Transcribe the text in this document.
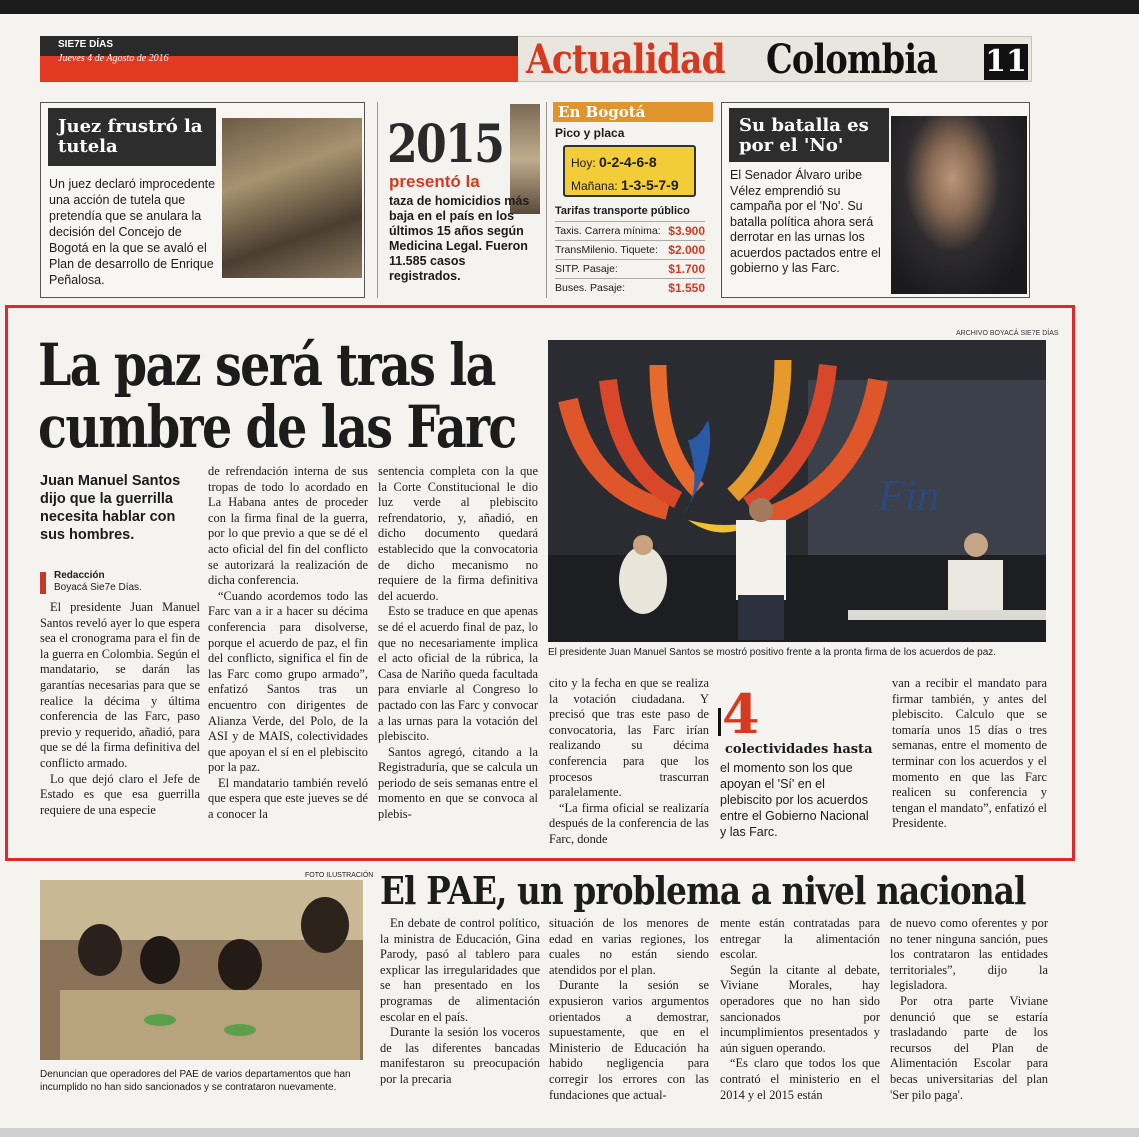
SIE7E DÍAS
Jueves 4 de Agosto de 2016	Actualidad Colombia 11
Juez frustró la tutela
Un juez declaró improcedente una acción de tutela que pretendía que se anulara la decisión del Concejo de Bogotá en la que se avaló el Plan de desarrollo de Enrique Peñalosa.
2015
presentó la
taza de homicidios más baja en el país en los últimos 15 años según Medicina Legal. Fueron 11.585 casos registrados.
En Bogotá
Pico y placa
Hoy: 0-2-4-6-8
Mañana: 1-3-5-7-9
Tarifas transporte público
Taxis. Carrera mínima: $3.900
TransMilenio. Tiquete: $2.000
SITP. Pasaje:	$1.700
Buses. Pasaje:	$1.550
Su batalla es por el 'No'
El Senador Álvaro uribe Vélez emprendió su campaña por el 'No'. Su batalla política ahora será derrotar en las urnas los acuerdos pactados entre el gobierno y las Farc.
ARCHIVO BOYACÁ SIE7E DÍAS
La paz será tras la
cumbre de las Farc
Fin
El presidente Juan Manuel Santos se mostró positivo frente a la pronta firma de los acuerdos de paz.
Juan Manuel Santos dijo que la guerrilla necesita hablar con sus hombres.
Redacción
Boyacá Sie7e Días.

El presidente Juan Manuel Santos reveló ayer lo que espera sea el cronograma para el fin de la guerra en Colombia. Según el mandatario, se darán las garantías necesarias para que se realice la décima y última conferencia de las Farc, paso previo y requerido, añadió, para que se dé la firma definitiva del conflicto armado.

Lo que dejó claro el Jefe de Estado es que esa guerrilla requiere de una especie

de refrendación interna de sus tropas de todo lo acordado en La Habana antes de proceder con la firma final de la guerra, por lo que previo a que se dé el acto oficial del fin del conflicto se autorizará la realización de dicha conferencia.

“Cuando acordemos todo las Farc van a ir a hacer su décima conferencia para disolverse, porque el acuerdo de paz, el fin del conflicto, significa el fin de las Farc como grupo armado”, enfatizó Santos tras un encuentro con dirigentes de Alianza Verde, del Polo, de la ASI y de MAIS, colectividades que apoyan el sí en el plebiscito por la paz.

El mandatario también reveló que espera que este jueves se dé a conocer la

sentencia completa con la que la Corte Constitucional le dio luz verde al plebiscito refrendatorio, y, añadió, en dicho documento quedará establecido que la convocatoria de dicho mecanismo no requiere de la firma definitiva del acuerdo.

Esto se traduce en que apenas se dé el acuerdo final de paz, lo que no necesariamente implica el acto oficial de la rúbrica, la Casa de Nariño queda facultada para enviarle al Congreso lo pactado con las Farc y convocar a las urnas para la votación del plebiscito.

Santos agregó, citando a la Registraduría, que se calcula un periodo de seis semanas entre el momento en que se convoca al plebis-

cito y la fecha en que se realiza la votación ciudadana. Y precisó que tras este paso de convocatoria, las Farc irían realizando su décima conferencia para que los procesos trascurran paralelamente.

“La firma oficial se realizaría después de la conferencia de las Farc, donde

4
colectividades hasta
el momento son los que apoyan el 'Sí' en el plebiscito por los acuerdos entre el Gobierno Nacional y las Farc.

van a recibir el mandato para firmar también, y antes del plebiscito. Calculo que se tomaría unos 15 días o tres semanas, entre el momento de terminar con los acuerdos y el momento en que las Farc realicen su conferencia y tengan el mandato”, enfatizó el Presidente.

FOTO ILUSTRACIÓN
Denuncian que operadores del PAE de varios departamentos que han incumplido no han sido sancionados y se contrataron nuevamente.
El PAE, un problema a nivel nacional

En debate de control político, la ministra de Educación, Gina Parody, pasó al tablero para explicar las irregularidades que se han presentado en los programas de alimentación escolar en el país.

Durante la sesión los voceros de las diferentes bancadas manifestaron su preocupación por la precaria

situación de los menores de edad en varias regiones, los cuales no están siendo atendidos por el plan.

Durante la sesión se expusieron varios argumentos orientados a demostrar, supuestamente, que en el Ministerio de Educación ha habido negligencia para corregir los errores con las fundaciones que actual-

mente están contratadas para entregar la alimentación escolar.

Según la citante al debate, Viviane Morales, hay operadores que no han sido sancionados por incumplimientos presentados y aún siguen operando.

“Es claro que todos los que contrató el ministerio en el 2014 y el 2015 están

de nuevo como oferentes y por no tener ninguna sanción, pues los contrataron las entidades territoriales”, dijo la legisladora.

Por otra parte Viviane denunció que se estaría trasladando parte de los recursos del Plan de Alimentación Escolar para becas universitarias del plan 'Ser pilo paga'.
